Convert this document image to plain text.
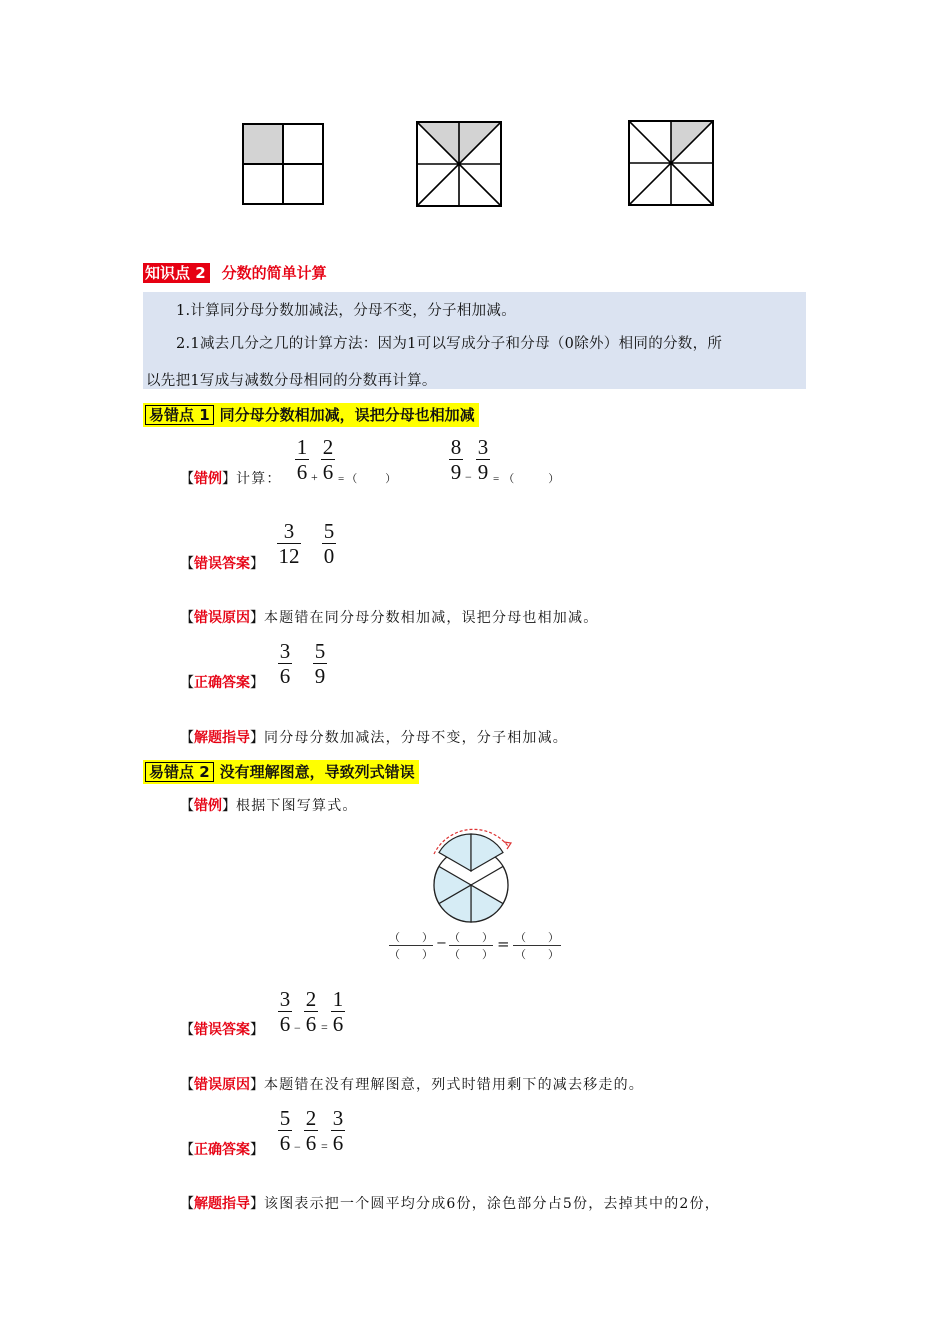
知识点 2 分数的简单计算
1.计算同分母分数加减法，分母不变，分子相加减。
2.1减去几分之几的计算方法：因为1可以写成分子和分母（0除外）相同的分数，所
以先把1写成与减数分母相同的分数再计算。
易错点 1 同分母分数相加减，误把分母也相加减
【错例】计算：
1
6 +
2
6 =（　　）
8
9 −
3
9 =（　　）
【错误答案】
3
12
5
0
【错误原因】本题错在同分母分数相加减，误把分母也相加减。
【正确答案】
3
6
5
9
【解题指导】同分母分数加减法，分母不变，分子相加减。
易错点 2 没有理解图意，导致列式错误
【错例】根据下图写算式。
（　　）
（　　）
− （　　）
（　　）
= （　　）
（　　）
【错误答案】
3
6 −
2
6 =
1
6
【错误原因】本题错在没有理解图意，列式时错用剩下的减去移走的。
【正确答案】
5
6 −
2
6 =
3
6
【解题指导】该图表示把一个圆平均分成6份，涂色部分占5份，去掉其中的2份，
